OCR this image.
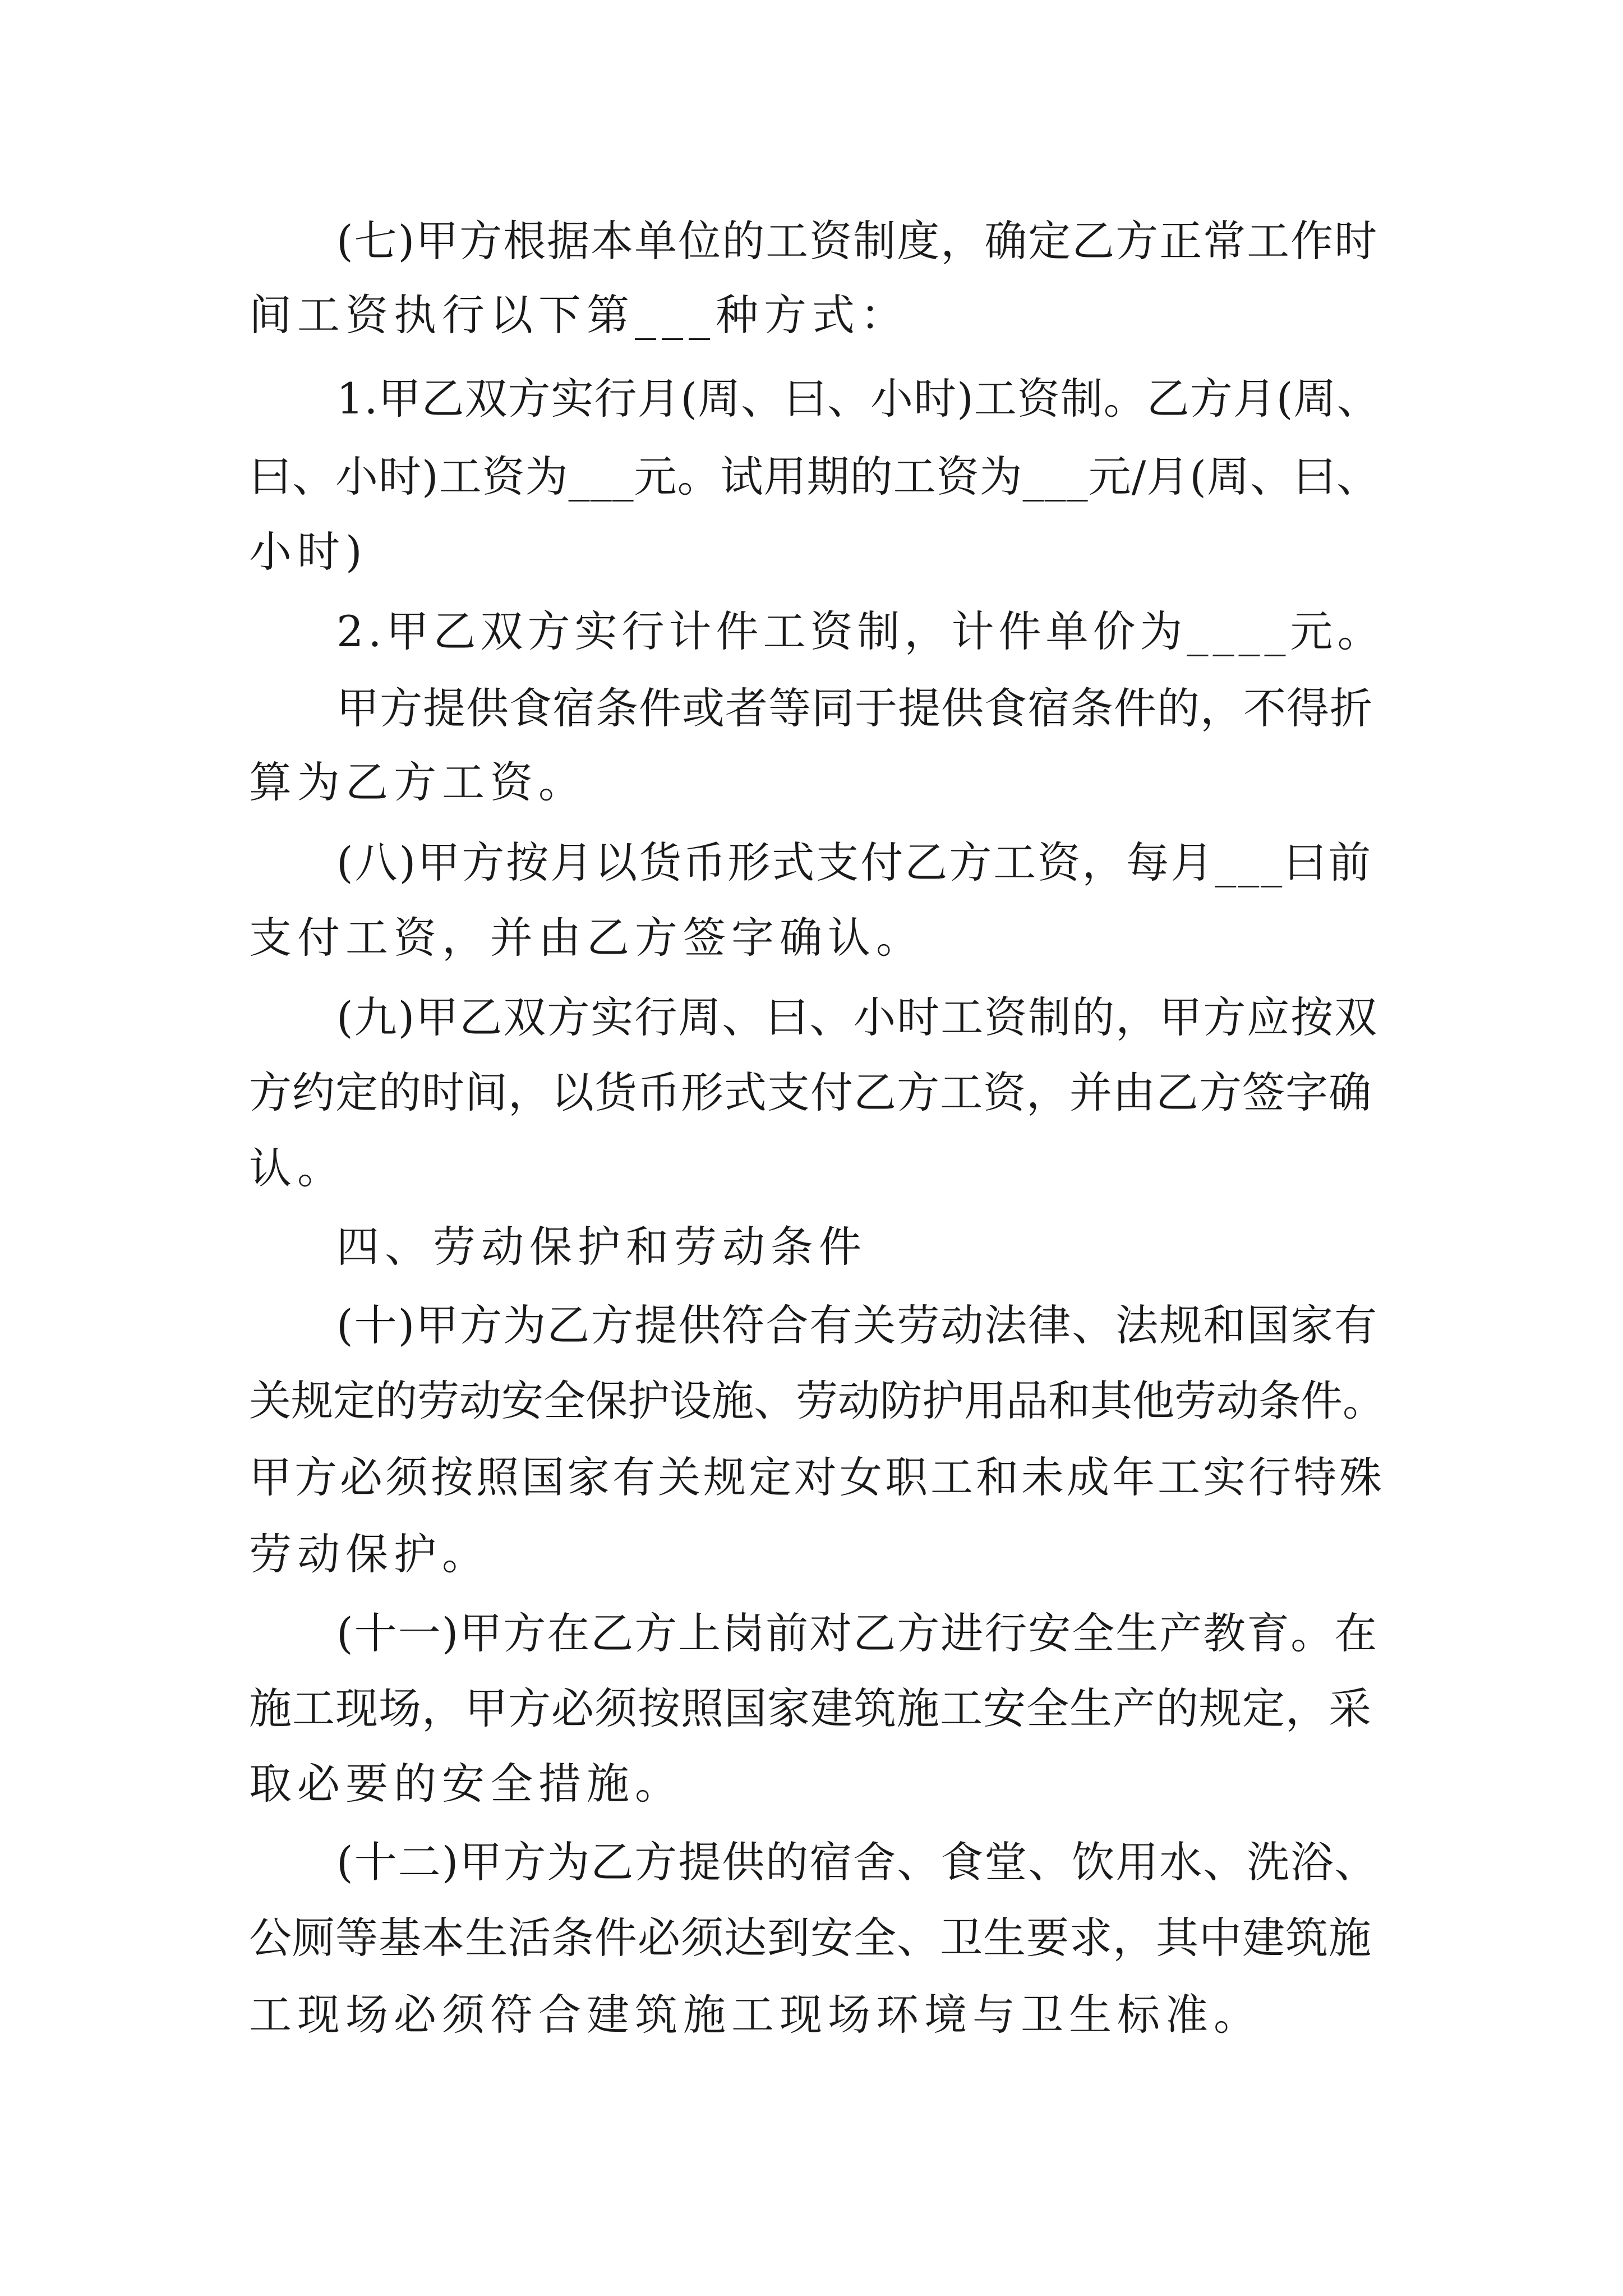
(七)甲方根据本单位的工资制度，确定乙方正常工作时

间工资执行以下第___种方式：

1.甲乙双方实行月(周、曰、小时)工资制。乙方月(周、

曰、小时)工资为___元。试用期的工资为___元/月(周、曰、

小时)

2.甲乙双方实行计件工资制，计件单价为____元。

甲方提供食宿条件或者等同于提供食宿条件的，不得折

算为乙方工资。

(八)甲方按月以货币形式支付乙方工资，每月___曰前

支付工资，并由乙方签字确认。

(九)甲乙双方实行周、曰、小时工资制的，甲方应按双

方约定的时间，以货币形式支付乙方工资，并由乙方签字确

认。

四、劳动保护和劳动条件

(十)甲方为乙方提供符合有关劳动法律、法规和国家有

关规定的劳动安全保护设施、劳动防护用品和其他劳动条件。

甲方必须按照国家有关规定对女职工和未成年工实行特殊

劳动保护。

(十一)甲方在乙方上岗前对乙方进行安全生产教育。在

施工现场，甲方必须按照国家建筑施工安全生产的规定，采

取必要的安全措施。

(十二)甲方为乙方提供的宿舍、食堂、饮用水、洗浴、

公厕等基本生活条件必须达到安全、卫生要求，其中建筑施

工现场必须符合建筑施工现场环境与卫生标准。
